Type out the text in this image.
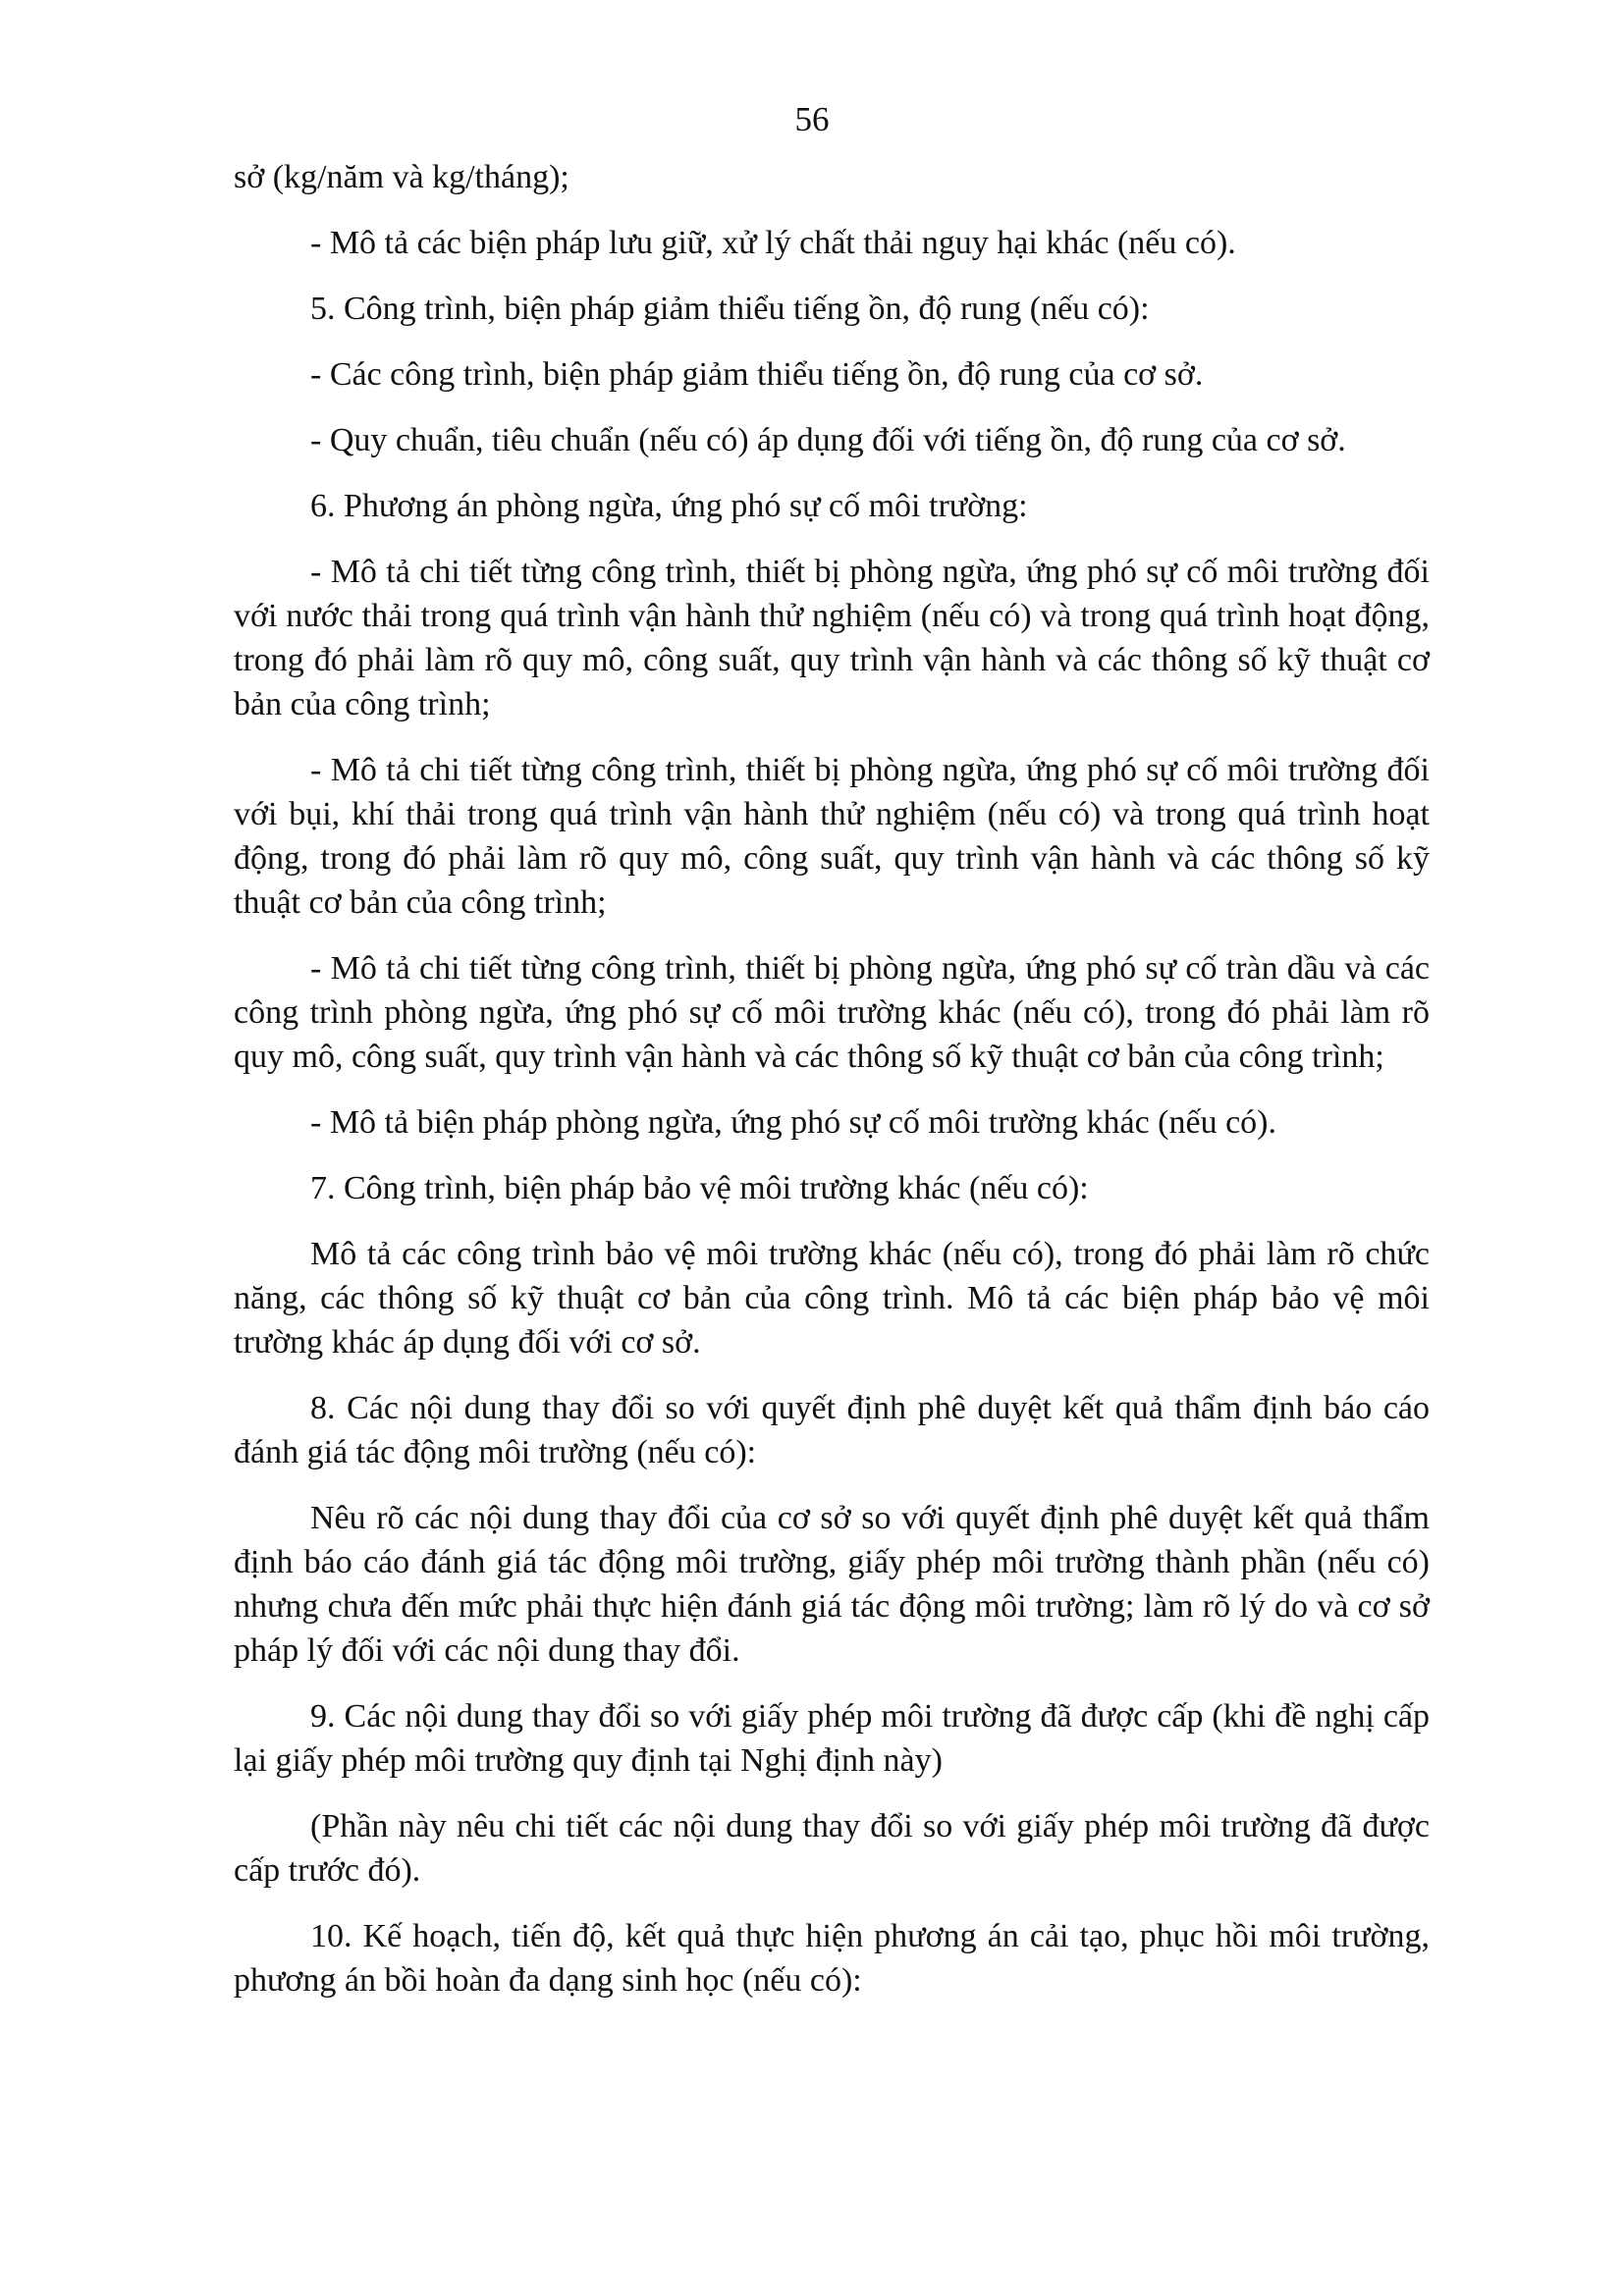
56

sở (kg/năm và kg/tháng);

- Mô tả các biện pháp lưu giữ, xử lý chất thải nguy hại khác (nếu có).

5. Công trình, biện pháp giảm thiểu tiếng ồn, độ rung (nếu có):

- Các công trình, biện pháp giảm thiểu tiếng ồn, độ rung của cơ sở.

- Quy chuẩn, tiêu chuẩn (nếu có) áp dụng đối với tiếng ồn, độ rung của cơ sở.

6. Phương án phòng ngừa, ứng phó sự cố môi trường:

- Mô tả chi tiết từng công trình, thiết bị phòng ngừa, ứng phó sự cố môi trường đối với nước thải trong quá trình vận hành thử nghiệm (nếu có) và trong quá trình hoạt động, trong đó phải làm rõ quy mô, công suất, quy trình vận hành và các thông số kỹ thuật cơ bản của công trình;

- Mô tả chi tiết từng công trình, thiết bị phòng ngừa, ứng phó sự cố môi trường đối với bụi, khí thải trong quá trình vận hành thử nghiệm (nếu có) và trong quá trình hoạt động, trong đó phải làm rõ quy mô, công suất, quy trình vận hành và các thông số kỹ thuật cơ bản của công trình;

- Mô tả chi tiết từng công trình, thiết bị phòng ngừa, ứng phó sự cố tràn dầu và các công trình phòng ngừa, ứng phó sự cố môi trường khác (nếu có), trong đó phải làm rõ quy mô, công suất, quy trình vận hành và các thông số kỹ thuật cơ bản của công trình;

- Mô tả biện pháp phòng ngừa, ứng phó sự cố môi trường khác (nếu có).

7. Công trình, biện pháp bảo vệ môi trường khác (nếu có):

Mô tả các công trình bảo vệ môi trường khác (nếu có), trong đó phải làm rõ chức năng, các thông số kỹ thuật cơ bản của công trình. Mô tả các biện pháp bảo vệ môi trường khác áp dụng đối với cơ sở.

8. Các nội dung thay đổi so với quyết định phê duyệt kết quả thẩm định báo cáo đánh giá tác động môi trường (nếu có):

Nêu rõ các nội dung thay đổi của cơ sở so với quyết định phê duyệt kết quả thẩm định báo cáo đánh giá tác động môi trường, giấy phép môi trường thành phần (nếu có) nhưng chưa đến mức phải thực hiện đánh giá tác động môi trường; làm rõ lý do và cơ sở pháp lý đối với các nội dung thay đổi.

9. Các nội dung thay đổi so với giấy phép môi trường đã được cấp (khi đề nghị cấp lại giấy phép môi trường quy định tại Nghị định này)

(Phần này nêu chi tiết các nội dung thay đổi so với giấy phép môi trường đã được cấp trước đó).

10. Kế hoạch, tiến độ, kết quả thực hiện phương án cải tạo, phục hồi môi trường, phương án bồi hoàn đa dạng sinh học (nếu có):
